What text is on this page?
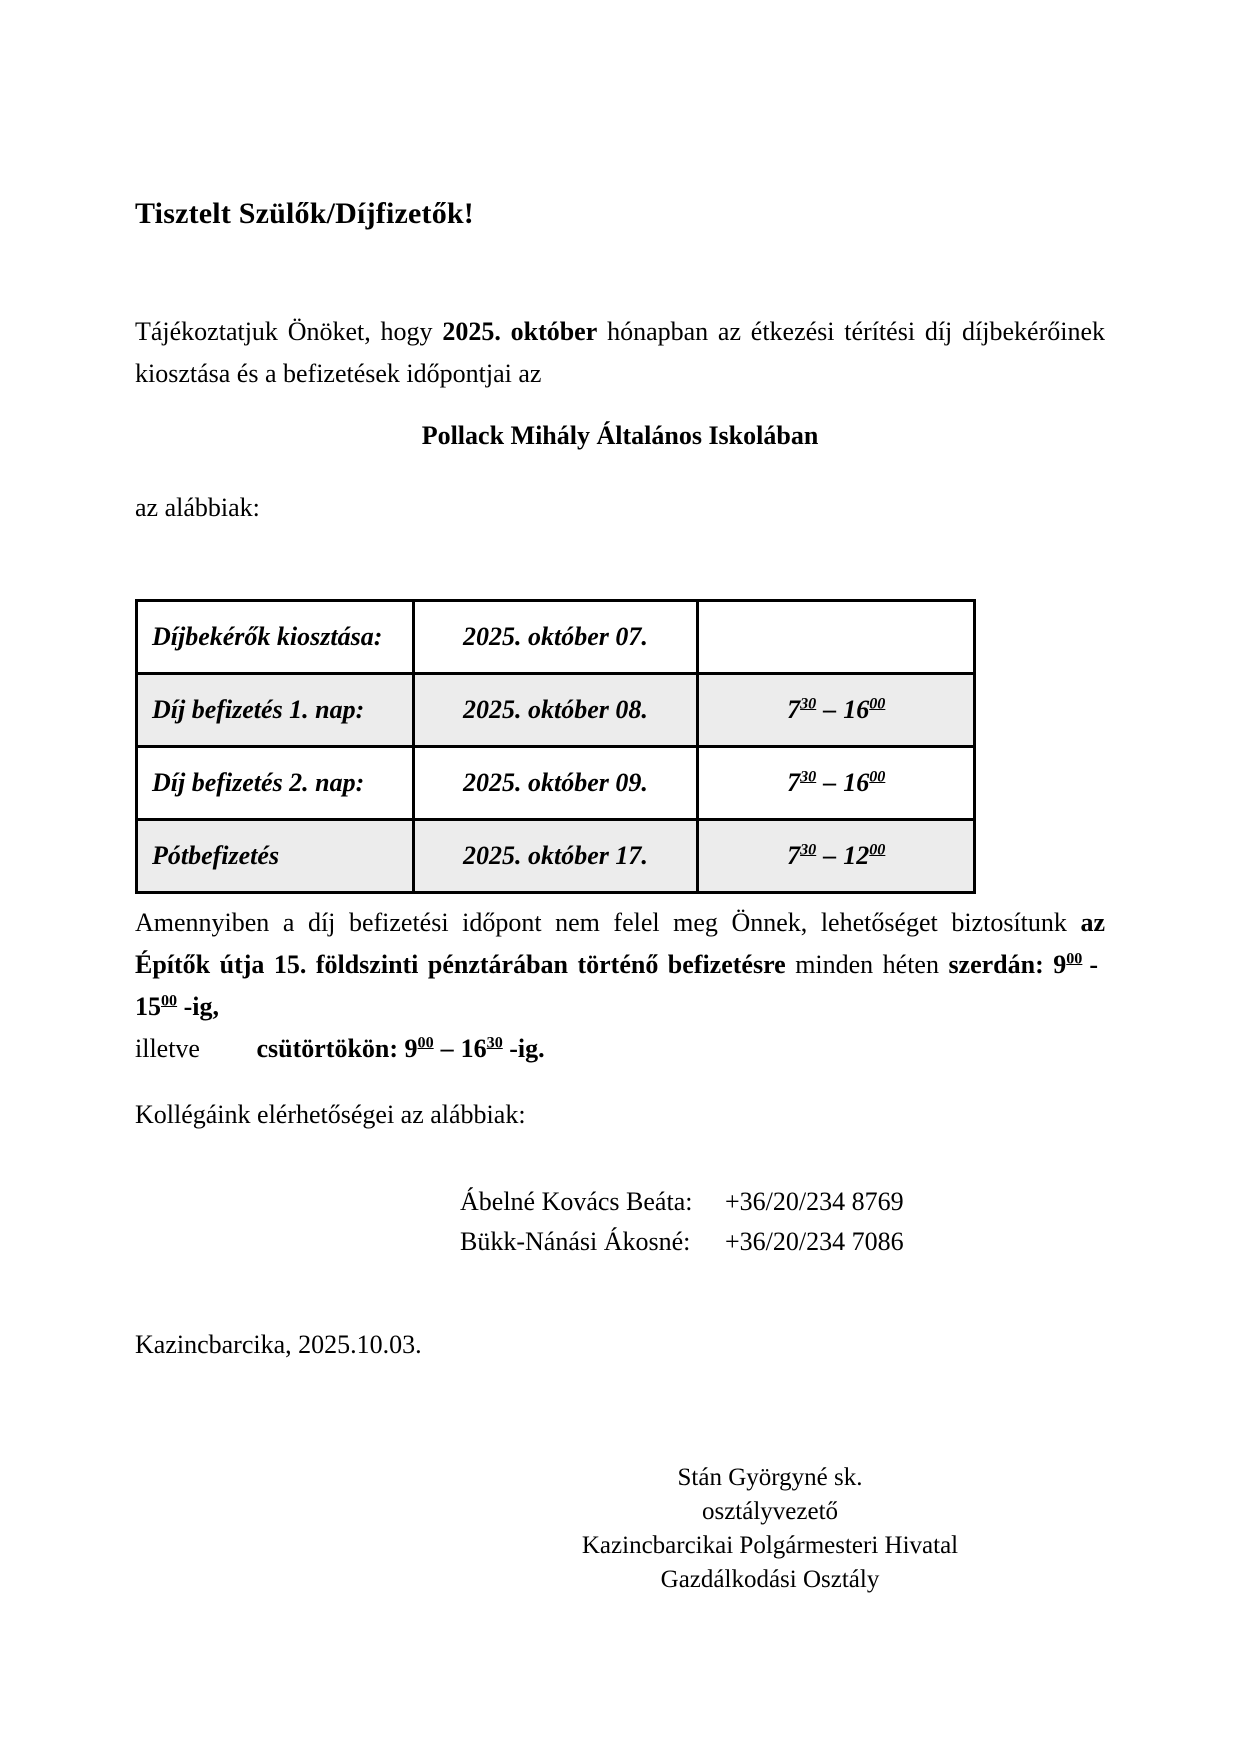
Tisztelt Szülők/Díjfizetők!

Tájékoztatjuk Önöket, hogy 2025. október hónapban az étkezési térítési díj díjbekérőinek kiosztása és a befizetések időpontjai az

Pollack Mihály Általános Iskolában

az alábbiak:

Díjbekérők kiosztása:	2025. október 07.	
Díj befizetés 1. nap:	2025. október 08.	$7^{30} - 16^{00}$
Díj befizetés 2. nap:	2025. október 09.	$7^{30} - 16^{00}$
Pótbefizetés	2025. október 17.	$7^{30} - 12^{00}$

Amennyiben a díj befizetési időpont nem felel meg Önnek, lehetőséget biztosítunk az Építők útja 15. földszinti pénztárában történő befizetésre minden héten szerdán: $9^{00}$ $-15^{00}$ -ig,
illetve csütörtökön: $9^{00} - 16^{30}$ -ig.

Kollégáink elérhetőségei az alábbiak:

Ábelné Kovács Beáta:	+36/20/234 8769
Bükk-Nánási Ákosné:	+36/20/234 7086

Kazincbarcika, 2025.10.03.

Stán Györgyné sk.
osztályvezető
Kazincbarcikai Polgármesteri Hivatal
Gazdálkodási Osztály
